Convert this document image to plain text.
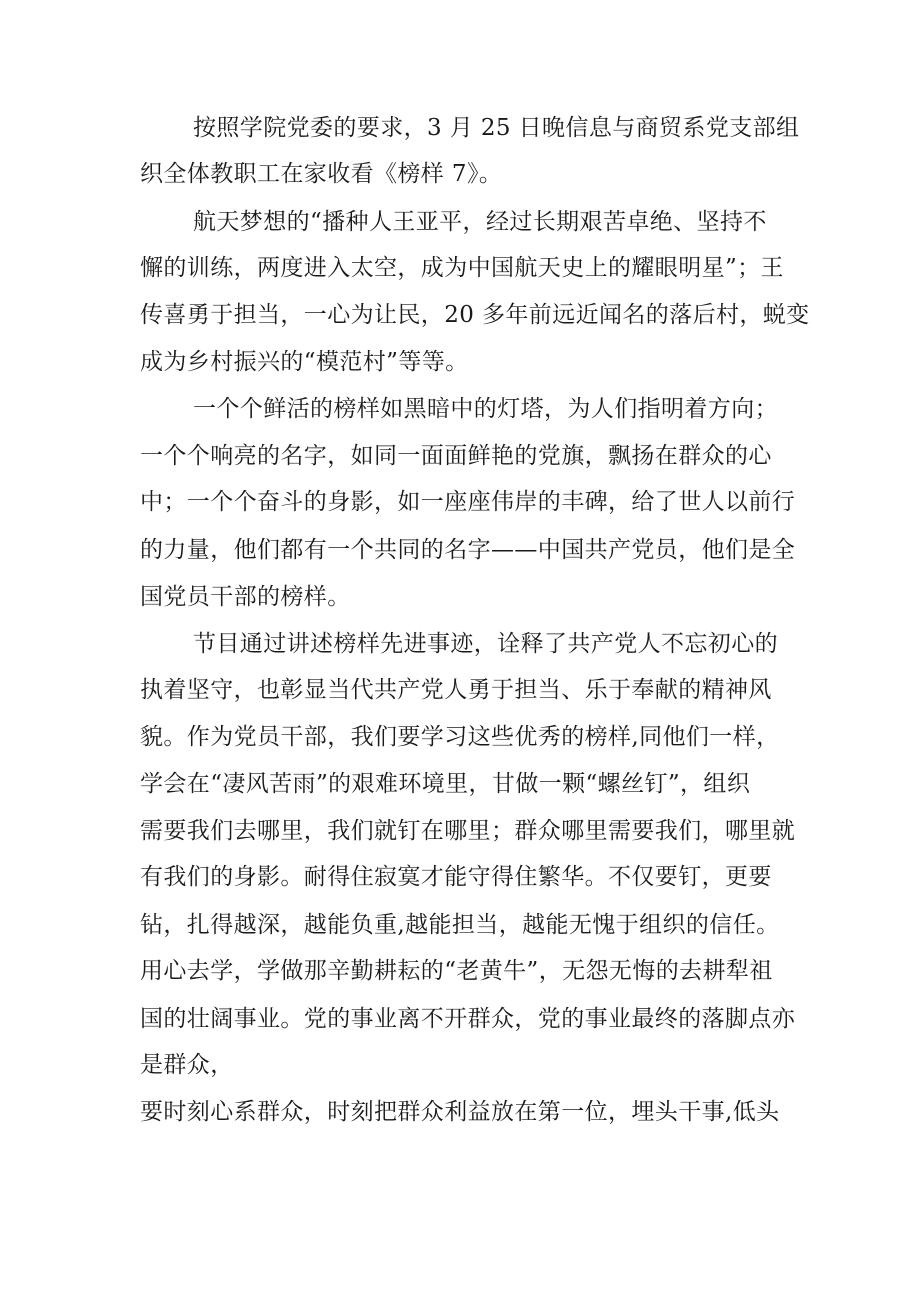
按照学院党委的要求，3 月 25 日晚信息与商贸系党支部组
织全体教职工在家收看《榜样 7》。
航天梦想的“播种人王亚平，经过长期艰苦卓绝、坚持不
懈的训练，两度进入太空，成为中国航天史上的耀眼明星”；王
传喜勇于担当，一心为让民，20 多年前远近闻名的落后村，蜕变
成为乡村振兴的“模范村”等等。
一个个鲜活的榜样如黑暗中的灯塔，为人们指明着方向；
一个个响亮的名字，如同一面面鲜艳的党旗，飘扬在群众的心
中；一个个奋斗的身影，如一座座伟岸的丰碑，给了世人以前行
的力量，他们都有一个共同的名字——中国共产党员，他们是全
国党员干部的榜样。
节目通过讲述榜样先进事迹，诠释了共产党人不忘初心的
执着坚守，也彰显当代共产党人勇于担当、乐于奉献的精神风
貌。作为党员干部，我们要学习这些优秀的榜样,同他们一样，
学会在“凄风苦雨”的艰难环境里，甘做一颗“螺丝钉”，组织
需要我们去哪里，我们就钉在哪里；群众哪里需要我们，哪里就
有我们的身影。耐得住寂寞才能守得住繁华。不仅要钉，更要
钻，扎得越深，越能负重,越能担当，越能无愧于组织的信任。
用心去学，学做那辛勤耕耘的“老黄牛”，无怨无悔的去耕犁祖
国的壮阔事业。党的事业离不开群众，党的事业最终的落脚点亦
是群众，
要时刻心系群众，时刻把群众利益放在第一位，埋头干事,低头
